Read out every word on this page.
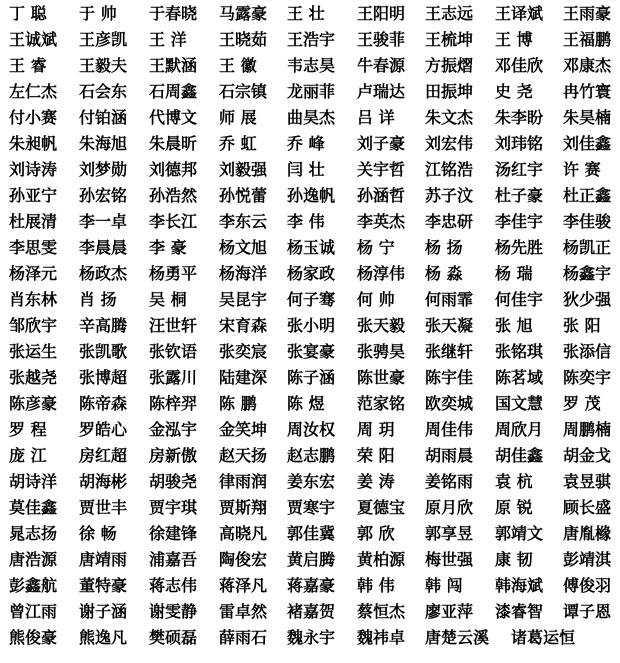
丁 聪	于 帅	于春晓	马露豪	王 壮	王阳明	王志远	王译斌	王雨豪
王诚斌	王彦凯	王 洋	王晓茹	王浩宇	王骏菲	王梳坤	王 博	王福鹏
王 睿	王毅夫	王默涵	王 徽	韦志昊	牛春源	方振熠	邓佳欣	邓康杰
左仁杰	石会东	石周鑫	石宗镇	龙丽菲	卢瑞达	田振坤	史 尧	冉竹寰
付小赛	付铂涵	代博文	师 展	曲昊杰	吕 详	朱文杰	朱李盼	朱昊楠
朱昶帆	朱海旭	朱晨昕	乔 虹	乔 峰	刘子豪	刘宏伟	刘玮铭	刘佳鑫
刘诗涛	刘梦勋	刘德邦	刘毅强	闫 壮	关宇哲	江铭浩	汤红宇	许 赛
孙亚宁	孙宏铭	孙浩然	孙悦蕾	孙逸帆	孙涵哲	苏子汶	杜子豪	杜正鑫
杜展清	李一卓	李长江	李东云	李 伟	李英杰	李忠研	李佳宇	李佳骏
李思雯	李晨晨	李 豪	杨文旭	杨玉诚	杨 宁	杨 扬	杨先胜	杨凯正
杨泽元	杨政杰	杨勇平	杨海洋	杨家政	杨淳伟	杨 淼	杨 瑞	杨鑫宇
肖东林	肖 扬	吴 桐	吴昆宇	何子骞	何 帅	何雨霏	何佳宇	狄少强
邹欣宇	辛高腾	汪世轩	宋育森	张小明	张天毅	张天凝	张 旭	张 阳
张运生	张凯歌	张钦语	张奕宸	张宴豪	张骋昊	张继轩	张铭琪	张添信
张越尧	张博超	张露川	陆建深	陈子涵	陈世豪	陈宇佳	陈茗域	陈奕宇
陈彦豪	陈帝森	陈梓羿	陈 鹏	陈 煜	范家铭	欧奕城	国文慧	罗 茂
罗 程	罗皓心	金泓宇	金笑坤	周汝权	周 玥	周佳伟	周欣月	周鹏楠
庞 江	房红超	房新傲	赵天扬	赵志鹏	荣 阳	胡雨晨	胡佳鑫	胡金戈
胡诗洋	胡海彬	胡骏尧	律雨润	姜东宏	姜 涛	姜铭雨	袁 杭	袁昱骐
莫佳鑫	贾世丰	贾宇琪	贾斯翔	贾寒宇	夏德宝	原月欣	原 锐	顾长盛
晁志扬	徐 畅	徐建锋	高晓凡	郭佳冀	郭 欣	郭享昱	郭靖文	唐胤橼
唐浩源	唐靖雨	浦嘉吾	陶俊宏	黄启腾	黄柏源	梅世强	康 韧	彭靖淇
彭鑫航	董特豪	蒋志伟	蒋泽凡	蒋嘉豪	韩 伟	韩 闯	韩海斌	傅俊羽
曾江雨	谢子涵	谢雯静	雷卓然	褚嘉贺	蔡恒杰	廖亚萍	漆睿智	谭子恩
熊俊豪	熊逸凡	樊硕磊	薛雨石	魏永宇	魏祎卓	唐楚云溪	诸葛运恒
